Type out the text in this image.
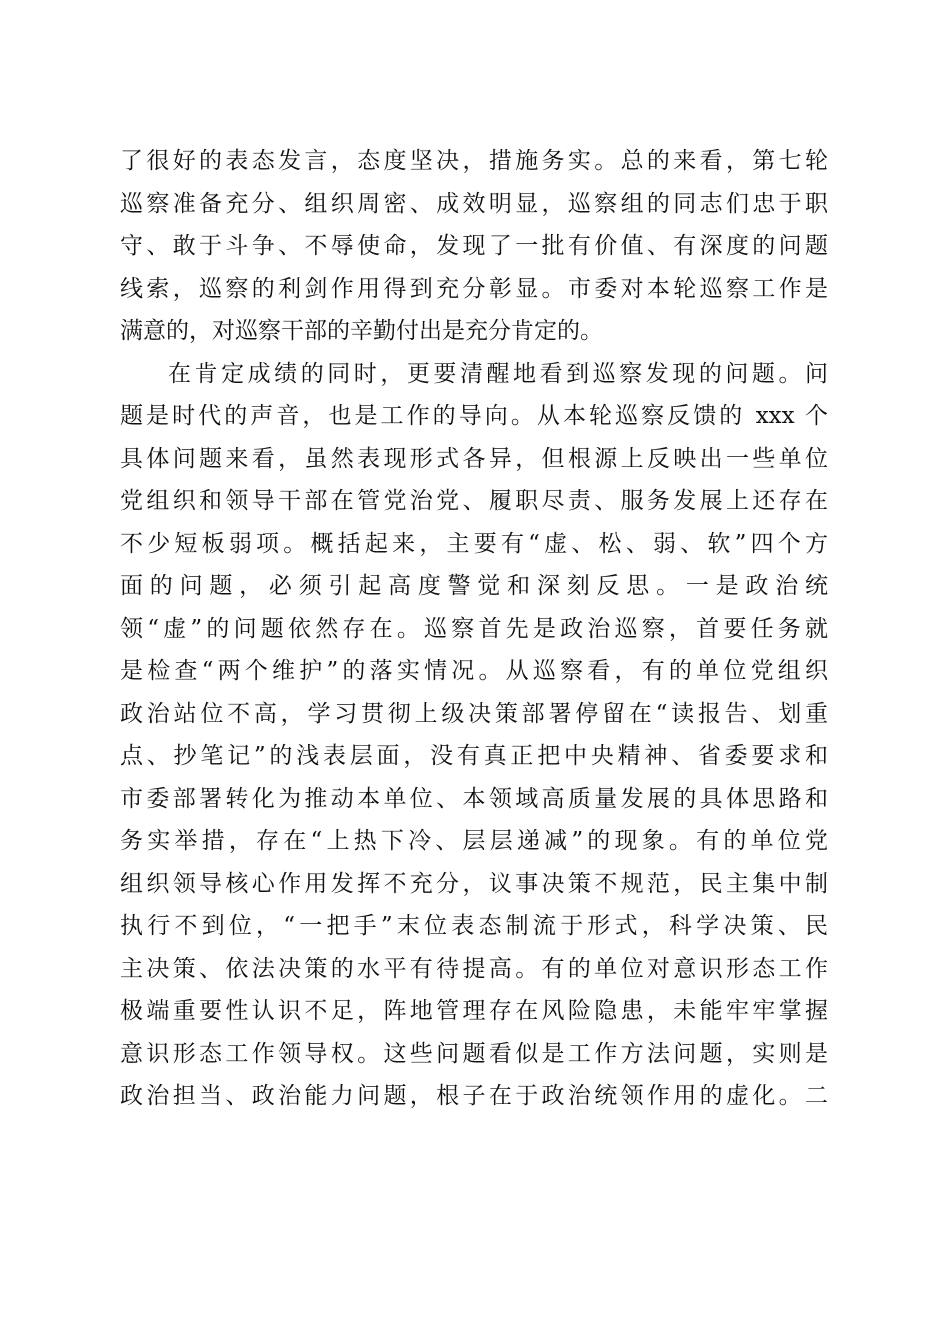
了很好的表态发言，态度坚决，措施务实。总的来看，第七轮
巡察准备充分、组织周密、成效明显，巡察组的同志们忠于职
守、敢于斗争、不辱使命，发现了一批有价值、有深度的问题
线索，巡察的利剑作用得到充分彰显。市委对本轮巡察工作是
满意的，对巡察干部的辛勤付出是充分肯定的。
在肯定成绩的同时，更要清醒地看到巡察发现的问题。问
题是时代的声音，也是工作的导向。从本轮巡察反馈的 xxx 个
具体问题来看，虽然表现形式各异，但根源上反映出一些单位
党组织和领导干部在管党治党、履职尽责、服务发展上还存在
不少短板弱项。概括起来，主要有“虚、松、弱、软”四个方
面的问题，必须引起高度警觉和深刻反思。一是政治统
领“虚”的问题依然存在。巡察首先是政治巡察，首要任务就
是检查“两个维护”的落实情况。从巡察看，有的单位党组织
政治站位不高，学习贯彻上级决策部署停留在“读报告、划重
点、抄笔记”的浅表层面，没有真正把中央精神、省委要求和
市委部署转化为推动本单位、本领域高质量发展的具体思路和
务实举措，存在“上热下冷、层层递减”的现象。有的单位党
组织领导核心作用发挥不充分，议事决策不规范，民主集中制
执行不到位，“一把手”末位表态制流于形式，科学决策、民
主决策、依法决策的水平有待提高。有的单位对意识形态工作
极端重要性认识不足，阵地管理存在风险隐患，未能牢牢掌握
意识形态工作领导权。这些问题看似是工作方法问题，实则是
政治担当、政治能力问题，根子在于政治统领作用的虚化。二
